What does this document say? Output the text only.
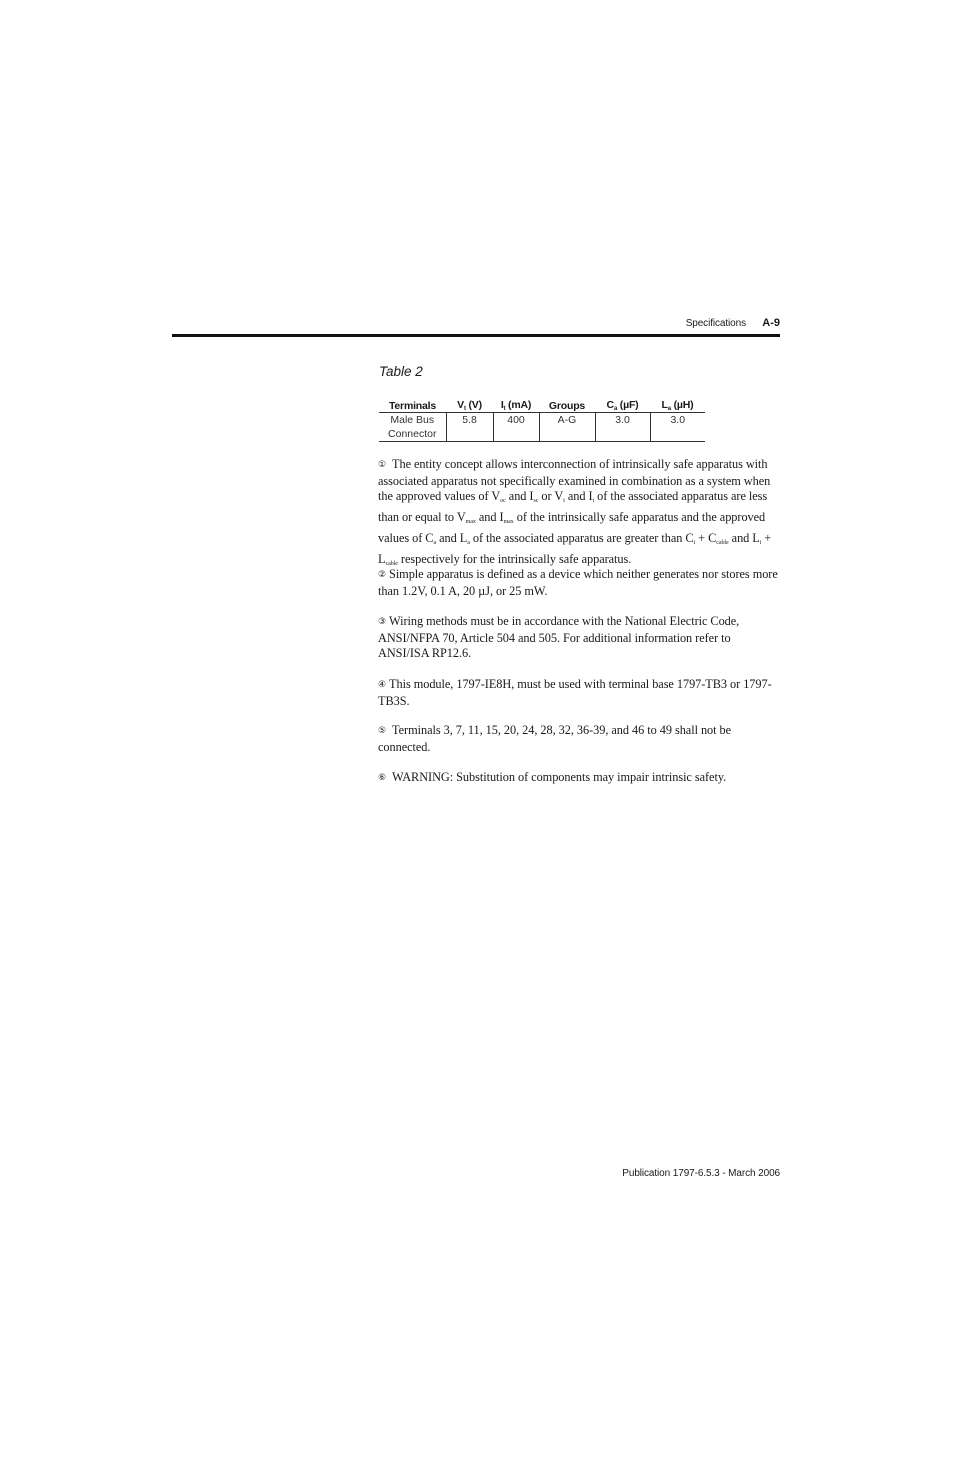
Specifications	A-9
Table 2
Terminals	$V_t$ (V)	$I_t$ (mA)	Groups	$C_a$ (µF)	$L_a$ (µH)
Male Bus
Connector	5.8	400	A-G	3.0	3.0
① The entity concept allows interconnection of intrinsically safe apparatus with associated apparatus not specifically examined in combination as a system when the approved values of $V_{oc}$ and $I_{sc}$ or $V_t$ and $I_t$ of the associated apparatus are less than or equal to $V_{max}$ and $I_{max}$ of the intrinsically safe apparatus and the approved values of $C_a$ and $L_a$ of the associated apparatus are greater than $C_i + C_{cable}$ and $L_i + L_{cable}$ respectively for the intrinsically safe apparatus.
② Simple apparatus is defined as a device which neither generates nor stores more than 1.2V, 0.1 A, 20 µJ, or 25 mW.
③ Wiring methods must be in accordance with the National Electric Code, ANSI/NFPA 70, Article 504 and 505. For additional information refer to ANSI/ISA RP12.6.
④ This module, 1797-IE8H, must be used with terminal base 1797-TB3 or 1797-TB3S.
⑤ Terminals 3, 7, 11, 15, 20, 24, 28, 32, 36-39, and 46 to 49 shall not be connected.
⑥ WARNING: Substitution of components may impair intrinsic safety.
Publication 1797-6.5.3 - March 2006
